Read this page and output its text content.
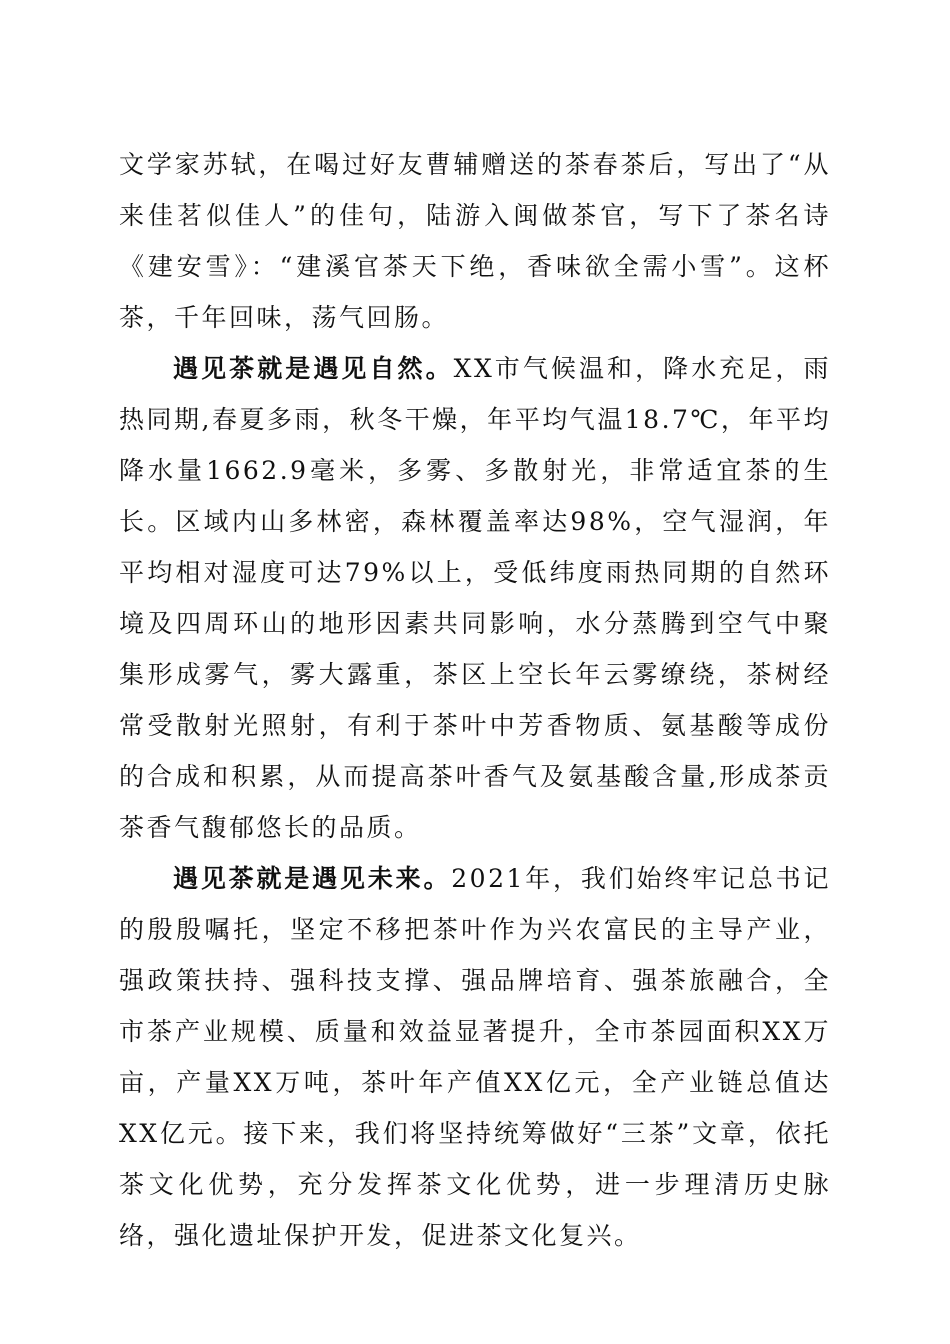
文学家苏轼，在喝过好友曹辅赠送的茶春茶后，写出了“从来佳茗似佳人”的佳句，陆游入闽做茶官，写下了茶名诗《建安雪》：“建溪官茶天下绝，香味欲全需小雪”。这杯茶，千年回味，荡气回肠。

遇见茶就是遇见自然。XX市气候温和，降水充足，雨热同期,春夏多雨，秋冬干燥，年平均气温18.7℃，年平均降水量1662.9毫米，多雾、多散射光，非常适宜茶的生长。区域内山多林密，森林覆盖率达98%，空气湿润，年平均相对湿度可达79%以上，受低纬度雨热同期的自然环境及四周环山的地形因素共同影响，水分蒸腾到空气中聚集形成雾气，雾大露重，茶区上空长年云雾缭绕，茶树经常受散射光照射，有利于茶叶中芳香物质、氨基酸等成份的合成和积累，从而提高茶叶香气及氨基酸含量,形成茶贡茶香气馥郁悠长的品质。

遇见茶就是遇见未来。2021年，我们始终牢记总书记的殷殷嘱托，坚定不移把茶叶作为兴农富民的主导产业，强政策扶持、强科技支撑、强品牌培育、强茶旅融合，全市茶产业规模、质量和效益显著提升，全市茶园面积XX万亩，产量XX万吨，茶叶年产值XX亿元，全产业链总值达XX亿元。接下来，我们将坚持统筹做好“三茶”文章，依托茶文化优势，充分发挥茶文化优势，进一步理清历史脉络，强化遗址保护开发，促进茶文化复兴。
